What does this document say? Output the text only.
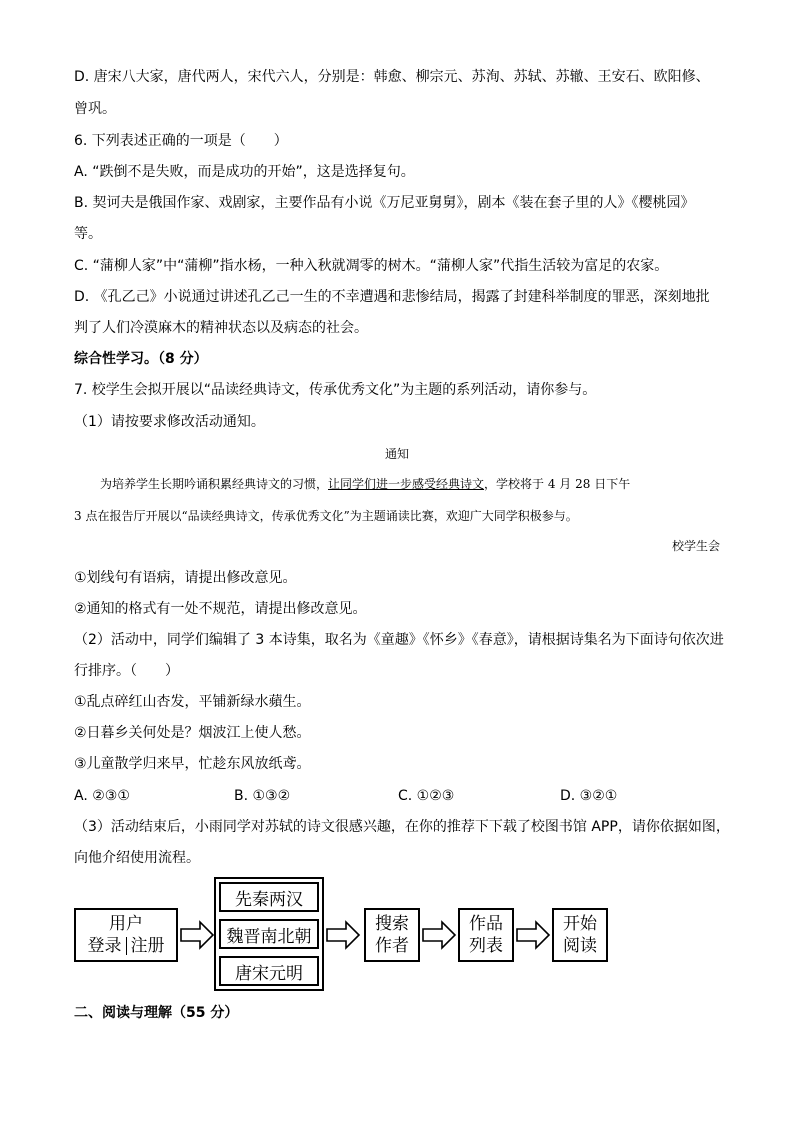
D. 唐宋八大家，唐代两人，宋代六人，分别是：韩愈、柳宗元、苏洵、苏轼、苏辙、王安石、欧阳修、
曾巩。
6. 下列表述正确的一项是（　　）
A. “跌倒不是失败，而是成功的开始”，这是选择复句。
B. 契诃夫是俄国作家、戏剧家，主要作品有小说《万尼亚舅舅》，剧本《装在套子里的人》《樱桃园》
等。
C. “蒲柳人家”中“蒲柳”指水杨，一种入秋就凋零的树木。“蒲柳人家”代指生活较为富足的农家。
D. 《孔乙己》小说通过讲述孔乙己一生的不幸遭遇和悲惨结局，揭露了封建科举制度的罪恶，深刻地批
判了人们冷漠麻木的精神状态以及病态的社会。
综合性学习。（8 分）
7. 校学生会拟开展以“品读经典诗文，传承优秀文化”为主题的系列活动，请你参与。
（1）请按要求修改活动通知。
通知
为培养学生长期吟诵积累经典诗文的习惯，让同学们进一步感受经典诗文，学校将于 4 月 28 日下午
3 点在报告厅开展以“品读经典诗文，传承优秀文化”为主题诵读比赛，欢迎广大同学积极参与。
校学生会
①划线句有语病，请提出修改意见。
②通知的格式有一处不规范，请提出修改意见。
（2）活动中，同学们编辑了 3 本诗集，取名为《童趣》《怀乡》《春意》，请根据诗集名为下面诗句依次进
行排序。（　　）
①乱点碎红山杏发，平铺新绿水蘋生。
②日暮乡关何处是？烟波江上使人愁。
③儿童散学归来早，忙趁东风放纸鸢。
A. ②③①	B. ①③②	C. ①②③	D. ③②①
（3）活动结束后，小雨同学对苏轼的诗文很感兴趣，在你的推荐下下载了校图书馆 APP，请你依据如图，
向他介绍使用流程。
用户
登录 注册
先秦两汉
魏晋南北朝
唐宋元明
搜索
作者
作品
列表
开始
阅读
二、阅读与理解（55 分）
